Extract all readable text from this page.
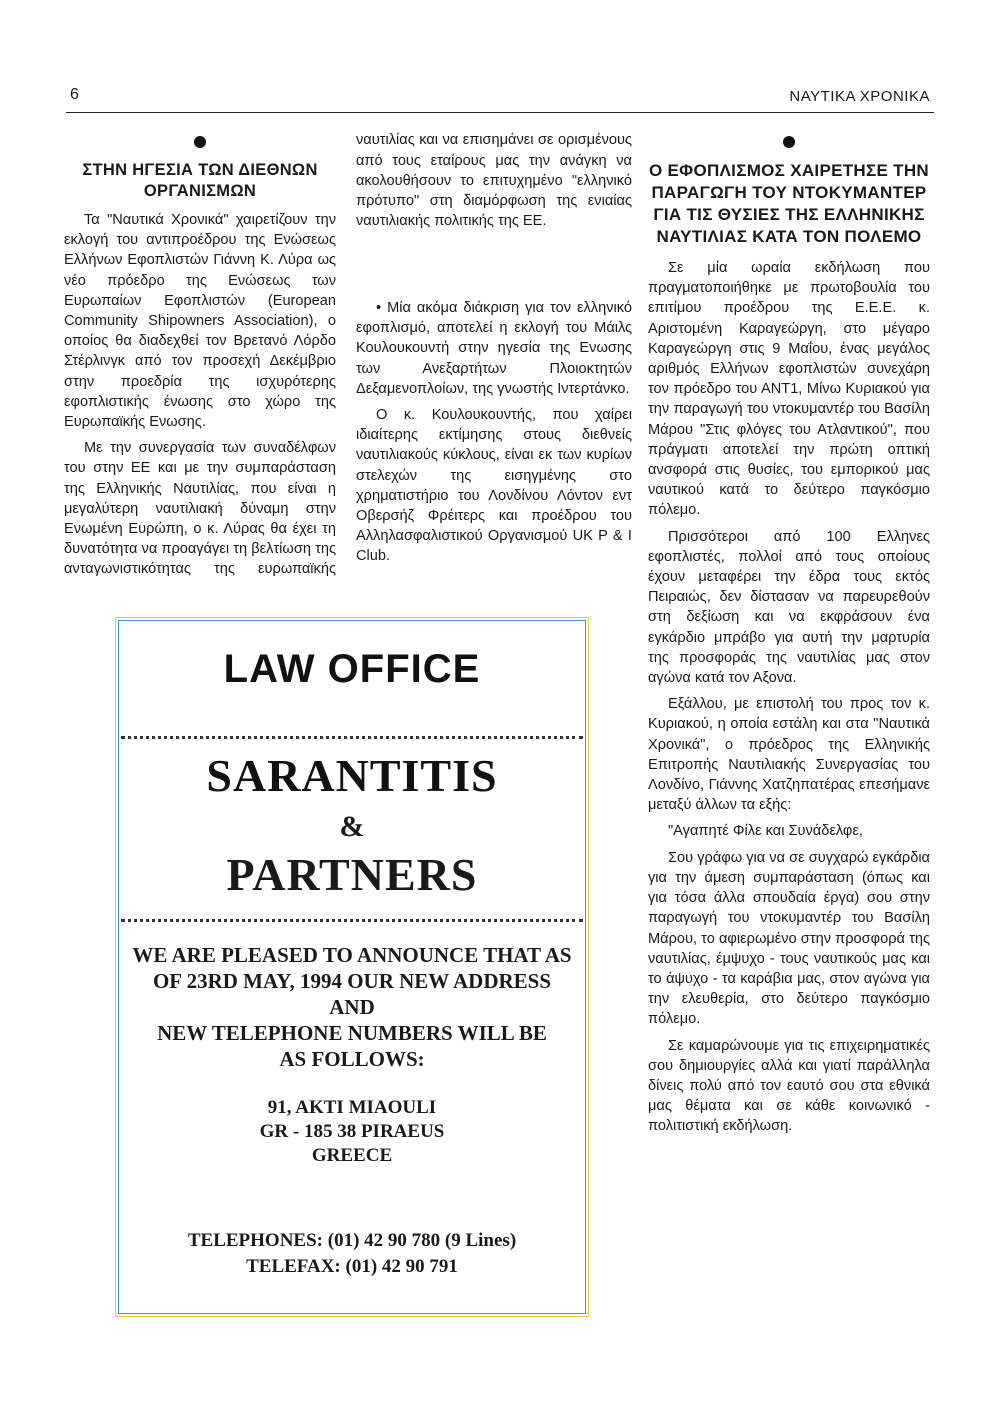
6	ΝΑΥΤΙΚΑ ΧΡΟΝΙΚΑ
ΣΤΗΝ ΗΓΕΣΙΑ ΤΩΝ ΔΙΕΘΝΩΝ ΟΡΓΑΝΙΣΜΩΝ

Τα "Ναυτικά Χρονικά" χαιρετίζουν την εκλογή του αντιπροέδρου της Ενώσεως Ελλήνων Εφοπλιστών Γιάννη Κ. Λύρα ως νέο πρόεδρο της Ενώσεως των Ευρωπαίων Εφοπλιστών (European Community Shipowners Association), ο οποίος θα διαδεχθεί τον Βρετανό Λόρδο Στέρλινγκ από τον προσεχή Δεκέμβριο στην προεδρία της ισχυρότερης εφοπλιστικής ένωσης στο χώρο της Ευρωπαϊκής Ενωσης.

Με την συνεργασία των συναδέλφων του στην ΕΕ και με την συμπαράσταση της Ελληνικής Ναυτιλίας, που είναι η μεγαλύτερη ναυτιλιακή δύναμη στην Ενωμένη Ευρώπη, ο κ. Λύρας θα έχει τη δυνατότητα να προαγάγει τη βελτίωση της ανταγωνιστικότητας της ευρωπαϊκής

ναυτιλίας και να επισημάνει σε ορισμένους από τους εταίρους μας την ανάγκη να ακολουθήσουν το επιτυχημένο "ελληνικό πρότυπο" στη διαμόρφωση της ενιαίας ναυτιλιακής πολιτικής της ΕΕ.

• Μία ακόμα διάκριση για τον ελληνικό εφοπλισμό, αποτελεί η εκλογή του Μάιλς Κουλουκουντή στην ηγεσία της Ενωσης των Ανεξαρτήτων Πλοιοκτητών Δεξαμενοπλοίων, της γνωστής Ιντερτάνκο.

Ο κ. Κουλουκουντής, που χαίρει ιδιαίτερης εκτίμησης στους διεθνείς ναυτιλιακούς κύκλους, είναι εκ των κυρίων στελεχών της εισηγμένης στο χρηματιστήριο του Λονδίνου Λόντον εντ Οβερσήζ Φρέιτερς και προέδρου του Αλληλασφαλιστικού Οργανισμού UK P & I Club.

Ο ΕΦΟΠΛΙΣΜΟΣ ΧΑΙΡΕΤΗΣΕ ΤΗΝ ΠΑΡΑΓΩΓΗ ΤΟΥ ΝΤΟΚΥΜΑΝΤΕΡ ΓΙΑ ΤΙΣ ΘΥΣΙΕΣ ΤΗΣ ΕΛΛΗΝΙΚΗΣ ΝΑΥΤΙΛΙΑΣ ΚΑΤΑ ΤΟΝ ΠΟΛΕΜΟ

Σε μία ωραία εκδήλωση που πραγματοποιήθηκε με πρωτοβουλία του επιτίμου προέδρου της Ε.Ε.Ε. κ. Αριστομένη Καραγεώργη, στο μέγαρο Καραγεώργη στις 9 Μαΐου, ένας μεγάλος αριθμός Ελλήνων εφοπλιστών συνεχάρη τον πρόεδρο του ΑΝΤ1, Μίνω Κυριακού για την παραγωγή του ντοκυμαντέρ του Βασίλη Μάρου "Στις φλόγες του Ατλαντικού", που πράγματι αποτελεί την πρώτη οπτική ανσφορά στις θυσίες, του εμπορικού μας ναυτικού κατά το δεύτερο παγκόσμιο πόλεμο.

Πρισσότεροι από 100 Ελληνες εφοπλιστές, πολλοί από τους οποίους έχουν μεταφέρει την έδρα τους εκτός Πειραιώς, δεν δίστασαν να παρευρεθούν στη δεξίωση και να εκφράσουν ένα εγκάρδιο μπράβο για αυτή την μαρτυρία της προσφοράς της ναυτιλίας μας στον αγώνα κατά τον Αξονα.

Εξάλλου, με επιστολή του προς τον κ. Κυριακού, η οποία εστάλη και στα "Ναυτικά Χρονικά", ο πρόεδρος της Ελληνικής Επιτροπής Ναυτιλιακής Συνεργασίας του Λονδίνο, Γιάννης Χατζηπατέρας επεσήμανε μεταξύ άλλων τα εξής:

"Αγαπητέ Φίλε και Συνάδελφε,

Σου γράφω για να σε συγχαρώ εγκάρδια για την άμεση συμπαράσταση (όπως και για τόσα άλλα σπουδαία έργα) σου στην παραγωγή του ντοκυμαντέρ του Βασίλη Μάρου, το αφιερωμένο στην προσφορά της ναυτιλίας, έμψυχο - τους ναυτικούς μας και το άψυχο - τα καράβια μας, στον αγώνα για την ελευθερία, στο δεύτερο παγκόσμιο πόλεμο.

Σε καμαρώνουμε για τις επιχειρηματικές σου δημιουργίες αλλά και γιατί παράλληλα δίνεις πολύ από τον εαυτό σου στα εθνικά μας θέματα και σε κάθε κοινωνικό - πολιτιστική εκδήλωση.

LAW OFFICE
SARANTITIS
&
PARTNERS
WE ARE PLEASED TO ANNOUNCE THAT AS
OF 23RD MAY, 1994 OUR NEW ADDRESS
AND
NEW TELEPHONE NUMBERS WILL BE
AS FOLLOWS:
91, AKTI MIAOULI
GR - 185 38 PIRAEUS
GREECE
TELEPHONES: (01) 42 90 780 (9 Lines)
TELEFAX: (01) 42 90 791
